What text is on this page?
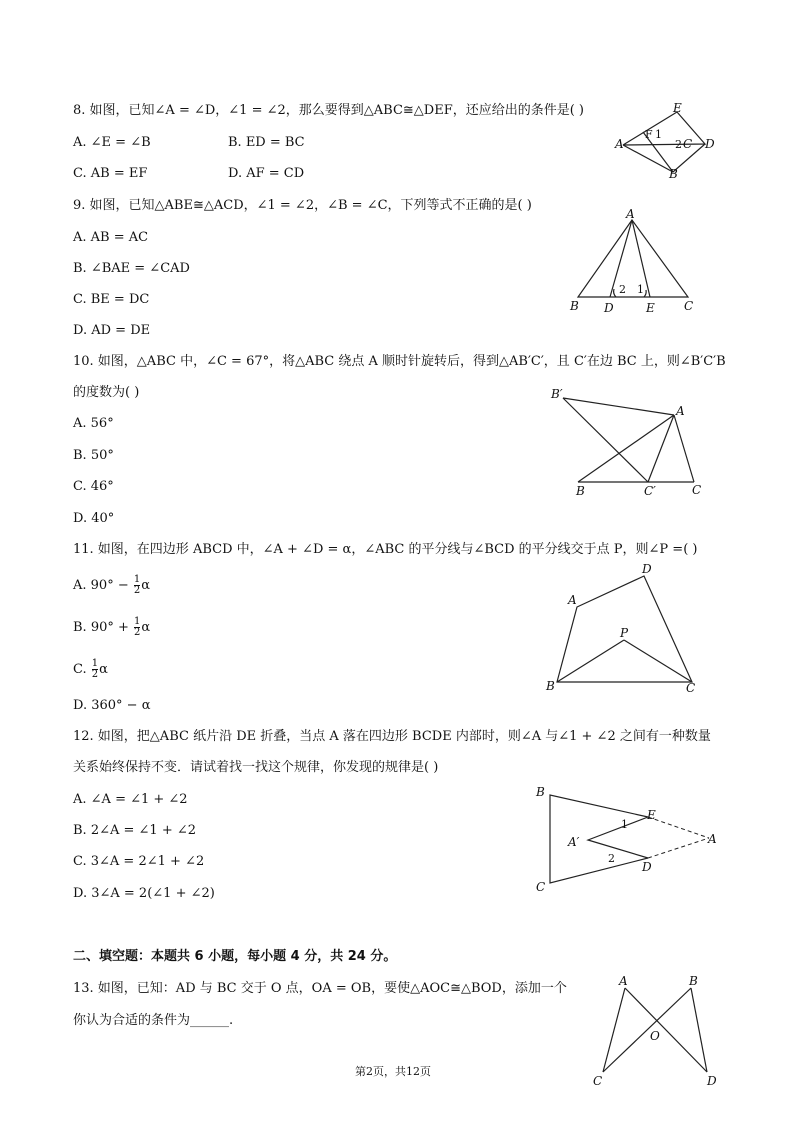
8. 如图，已知∠A = ∠D，∠1 = ∠2，那么要得到△ABC≅△DEF，还应给出的条件是( )
A. ∠E = ∠B	B. ED = BC
C. AB = EF	D. AF = CD
E
A
F 1
2 C D
B
9. 如图，已知△ABE≅△ACD，∠1 = ∠2，∠B = ∠C，下列等式不正确的是( )
A. AB = AC
B. ∠BAE = ∠CAD
C. BE = DC
D. AD = DE
A
B D	E C
2 1
10. 如图，△ABC 中，∠C = 67°，将△ABC 绕点 A 顺时针旋转后，得到△AB′C′，且 C′在边 BC 上，则∠B′C′B
的度数为( )
A. 56°
B. 50°
C. 46°
D. 40°
B′
A
B	C′	C
11. 如图，在四边形 ABCD 中，∠A + ∠D = α，∠ABC 的平分线与∠BCD 的平分线交于点 P，则∠P =( )
A. $90^\circ - \frac{1}{2}$ α
B. $90^\circ + \frac{1}{2}$ α
C. $\frac{1}{2}$ α
D. 360° − α
D
A
P
B	C
12. 如图，把△ABC 纸片沿 DE 折叠，当点 A 落在四边形 BCDE 内部时，则∠A 与∠1 + ∠2 之间有一种数量
关系始终保持不变．请试着找一找这个规律，你发现的规律是( )
A. ∠A = ∠1 + ∠2
B. 2∠A = ∠1 + ∠2
C. 3∠A = 2∠1 + ∠2
D. 3∠A = 2(∠1 + ∠2)
B
E
1
A′	A
2
D
C
二、填空题：本题共 6 小题，每小题 4 分，共 24 分。
13. 如图，已知：AD 与 BC 交于 O 点，OA = OB，要使△AOC≅△BOD，添加一个
你认为合适的条件为______.
A	B
O
C	D
第2页，共12页
